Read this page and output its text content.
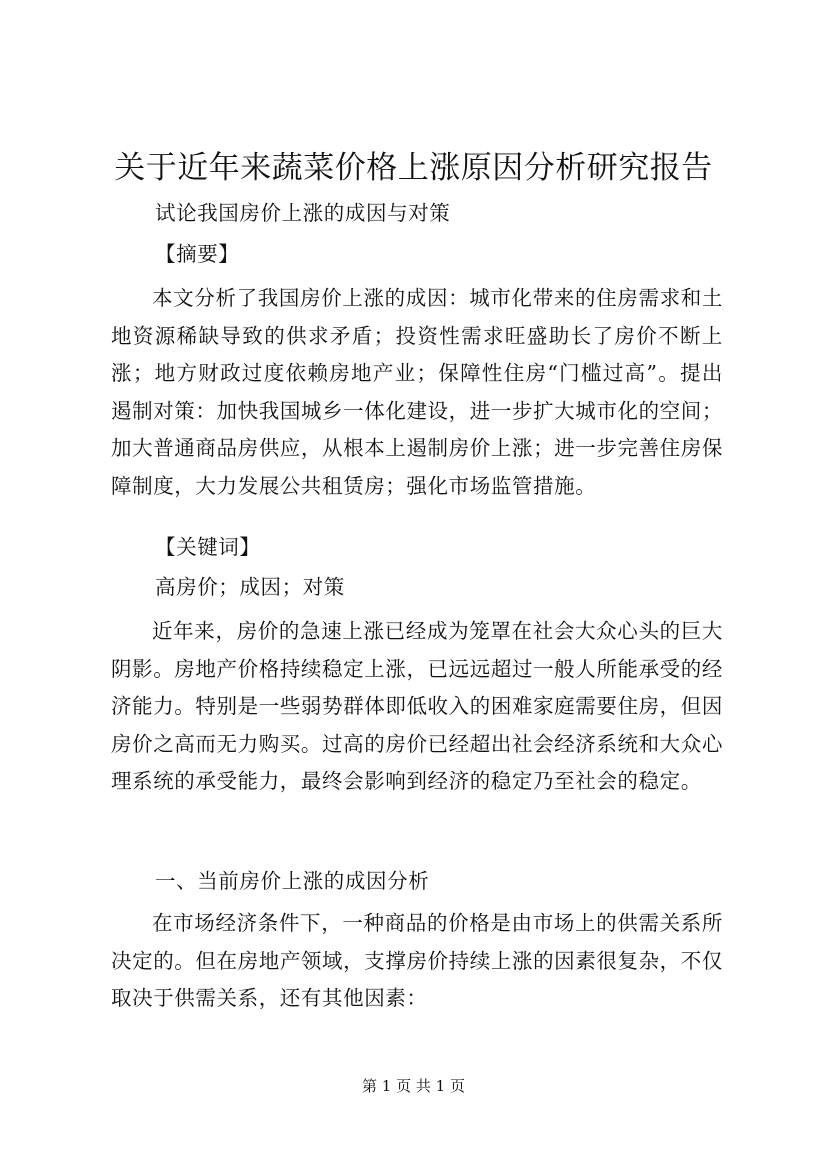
关于近年来蔬菜价格上涨原因分析研究报告
试论我国房价上涨的成因与对策
【摘要】
本文分析了我国房价上涨的成因：城市化带来的住房需求和土地资源稀缺导致的供求矛盾；投资性需求旺盛助长了房价不断上涨；地方财政过度依赖房地产业；保障性住房“门槛过高”。提出遏制对策：加快我国城乡一体化建设，进一步扩大城市化的空间；加大普通商品房供应，从根本上遏制房价上涨；进一步完善住房保障制度，大力发展公共租赁房；强化市场监管措施。
【关键词】
高房价；成因；对策
近年来，房价的急速上涨已经成为笼罩在社会大众心头的巨大阴影。房地产价格持续稳定上涨，已远远超过一般人所能承受的经济能力。特别是一些弱势群体即低收入的困难家庭需要住房，但因房价之高而无力购买。过高的房价已经超出社会经济系统和大众心理系统的承受能力，最终会影响到经济的稳定乃至社会的稳定。
一、当前房价上涨的成因分析
在市场经济条件下，一种商品的价格是由市场上的供需关系所决定的。但在房地产领域，支撑房价持续上涨的因素很复杂，不仅取决于供需关系，还有其他因素：
第 1 页 共 1 页
